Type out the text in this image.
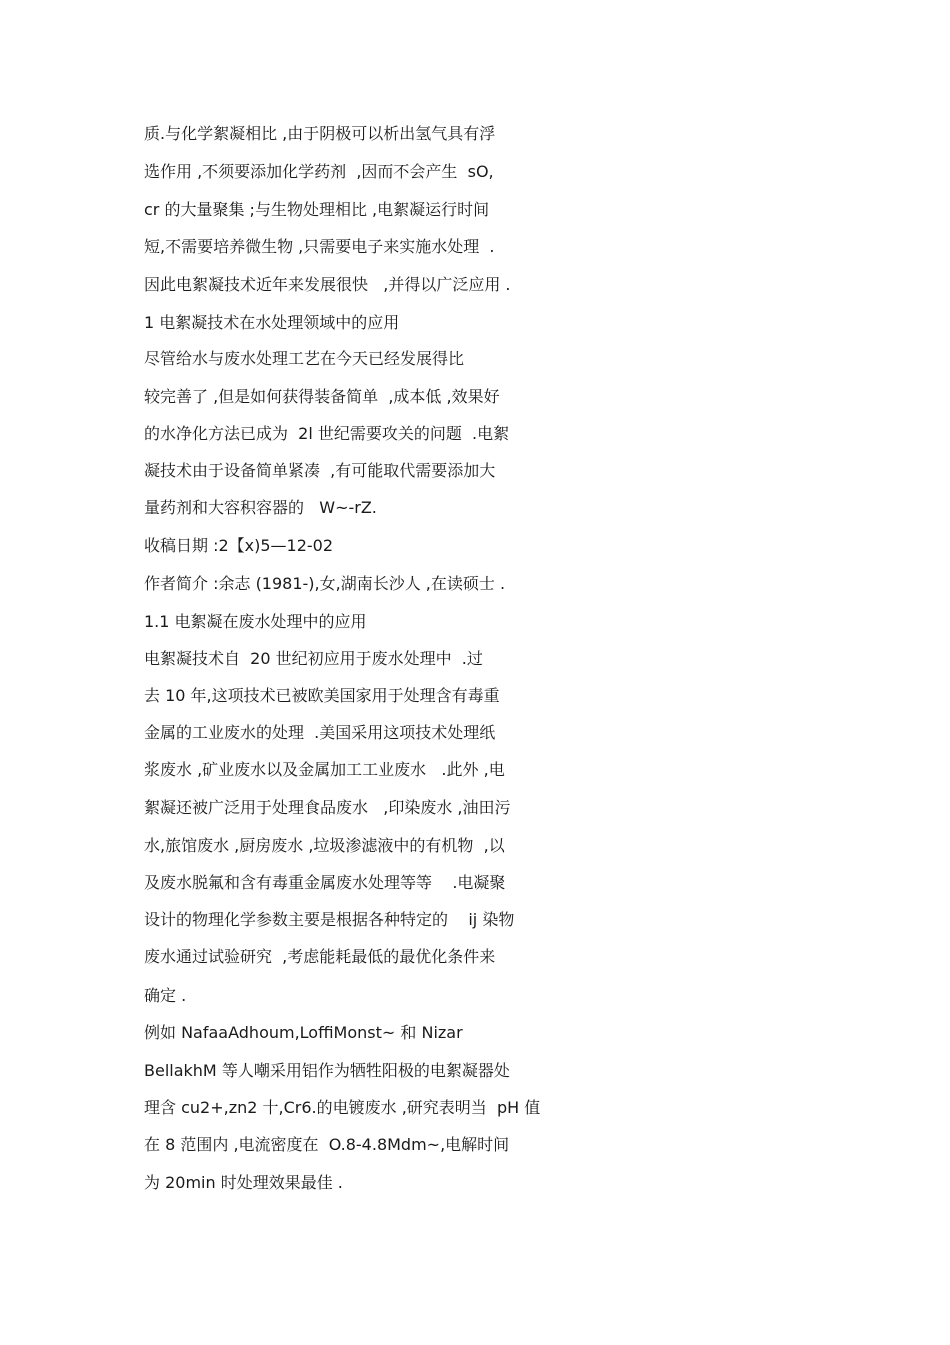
质.与化学絮凝相比 ,由于阴极可以析出氢气具有浮
选作用 ,不须要添加化学药剂  ,因而不会产生  sO,
cr 的大量聚集 ;与生物处理相比 ,电絮凝运行时间
短,不需要培养微生物 ,只需要电子来实施水处理  .
因此电絮凝技术近年来发展很快   ,并得以广泛应用 .
1 电絮凝技术在水处理领域中的应用
尽管给水与废水处理工艺在今天已经发展得比
较完善了 ,但是如何获得装备简单  ,成本低 ,效果好
的水净化方法已成为  2l 世纪需要攻关的问题  .电絮
凝技术由于设备简单紧凑  ,有可能取代需要添加大
量药剂和大容积容器的   W~-rZ.
收稿日期 :2【x)5—12-02
作者简介 :余志 (1981-),女,湖南长沙人 ,在读硕士 .
1.1 电絮凝在废水处理中的应用
电絮凝技术自  20 世纪初应用于废水处理中  .过
去 10 年,这项技术已被欧美国家用于处理含有毒重
金属的工业废水的处理  .美国采用这项技术处理纸
浆废水 ,矿业废水以及金属加工工业废水   .此外 ,电
絮凝还被广泛用于处理食品废水   ,印染废水 ,油田污
水,旅馆废水 ,厨房废水 ,垃圾渗滤液中的有机物  ,以
及废水脱氟和含有毒重金属废水处理等等    .电凝聚
设计的物理化学参数主要是根据各种特定的    ij 染物
废水通过试验研究  ,考虑能耗最低的最优化条件来
确定 .
例如 NafaaAdhoum,LoffiMonst~ 和 Nizar
BellakhM 等人嘲采用铝作为牺牲阳极的电絮凝器处
理含 cu2+,zn2 十,Cr6.的电镀废水 ,研究表明当  pH 值
在 8 范围内 ,电流密度在  O.8-4.8Mdm~,电解时间
为 20min 时处理效果最佳 .
